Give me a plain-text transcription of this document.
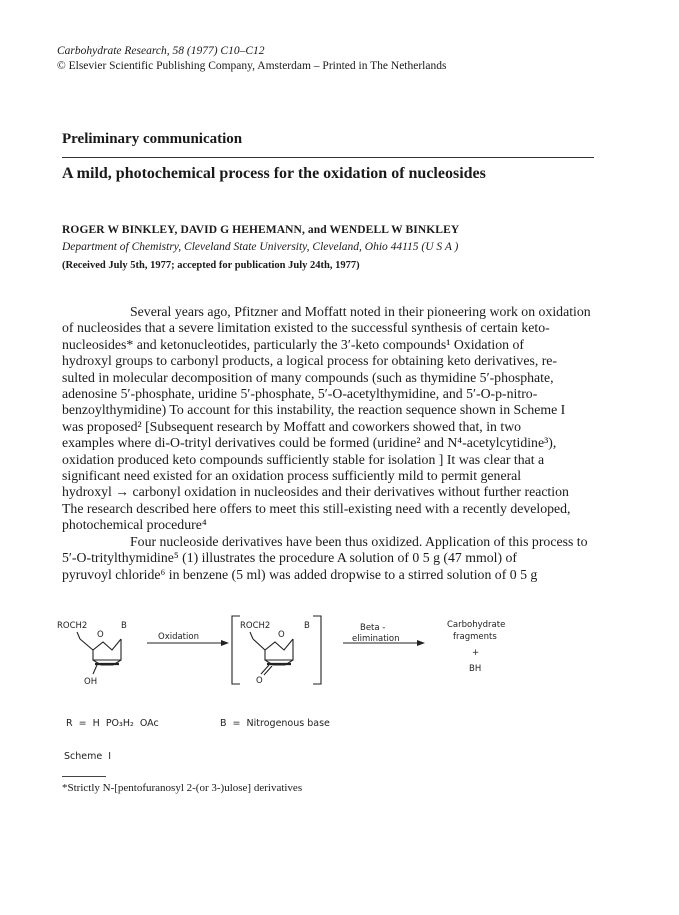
Carbohydrate Research, 58 (1977) C10–C12
© Elsevier Scientific Publishing Company, Amsterdam – Printed in The Netherlands
Preliminary communication
A mild, photochemical process for the oxidation of nucleosides
ROGER W BINKLEY, DAVID G HEHEMANN, and WENDELL W BINKLEY
Department of Chemistry, Cleveland State University, Cleveland, Ohio 44115 (U S A )
(Received July 5th, 1977; accepted for publication July 24th, 1977)
Several years ago, Pfitzner and Moffatt noted in their pioneering work on oxidation
of nucleosides that a severe limitation existed to the successful synthesis of certain keto-
nucleosides* and ketonucleotides, particularly the 3′-keto compounds¹ Oxidation of
hydroxyl groups to carbonyl products, a logical process for obtaining keto derivatives, re-
sulted in molecular decomposition of many compounds (such as thymidine 5′-phosphate,
adenosine 5′-phosphate, uridine 5′-phosphate, 5′-O-acetylthymidine, and 5′-O-p-nitro-
benzoylthymidine) To account for this instability, the reaction sequence shown in Scheme I
was proposed² [Subsequent research by Moffatt and coworkers showed that, in two
examples where di-O-trityl derivatives could be formed (uridine² and N⁴-acetylcytidine³),
oxidation produced keto compounds sufficiently stable for isolation ] It was clear that a
significant need existed for an oxidation process sufficiently mild to permit general
hydroxyl → carbonyl oxidation in nucleosides and their derivatives without further reaction
The research described here offers to meet this still-existing need with a recently developed,
photochemical procedure⁴
Four nucleoside derivatives have been thus oxidized. Application of this process to
5′-O-tritylthymidine⁵ (1) illustrates the procedure A solution of 0 5 g (47 mmol) of
pyruvoyl chloride⁶ in benzene (5 ml) was added dropwise to a stirred solution of 0 5 g
ROCH2
O
B
OH
Oxidation
ROCH2
O
B
O
Beta -
elimination
Carbohydrate
fragments
+
BH
R  =  H  PO₃H₂  OAc	B  =  Nitrogenous base
Scheme  I
*Strictly N-[pentofuranosyl 2-(or 3-)ulose] derivatives
